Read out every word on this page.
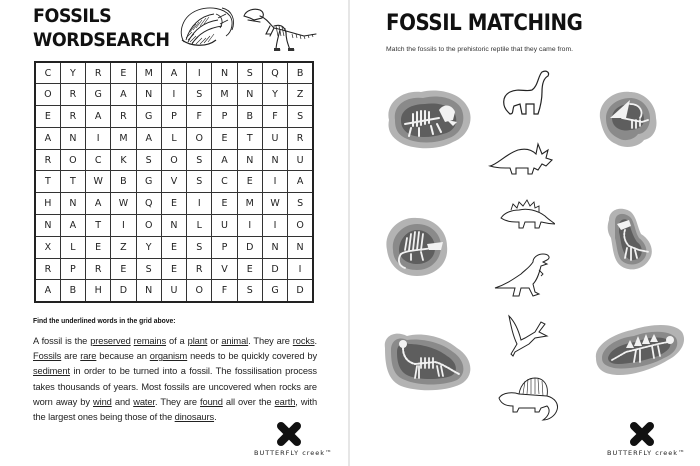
FOSSILS
WORDSEARCH
C	Y	R	E	M	A	I	N	S	Q	B
O	R	G	A	N	I	S	M	N	Y	Z
E	R	A	R	G	P	F	P	B	F	S
A	N	I	M	A	L	O	E	T	U	R
R	O	C	K	S	O	S	A	N	N	U
T	T	W	B	G	V	S	C	E	I	A
H	N	A	W	Q	E	I	E	M	W	S
N	A	T	I	O	N	L	U	I	I	O
X	L	E	Z	Y	E	S	P	D	N	N
R	P	R	E	S	E	R	V	E	D	I
A	B	H	D	N	U	O	F	S	G	D
Find the underlined words in the grid above:

A fossil is the preserved remains of a plant or animal. They are rocks. Fossils are rare because an organism needs to be quickly covered by sediment in order to be turned into a fossil. The fossilisation process takes thousands of years. Most fossils are uncovered when rocks are worn away by wind and water. They are found all over the earth, with the largest ones being those of the dinosaurs.

BUTTERFLY creek™
FOSSIL MATCHING
Match the fossils to the prehistoric reptile that they came from.
BUTTERFLY creek™
